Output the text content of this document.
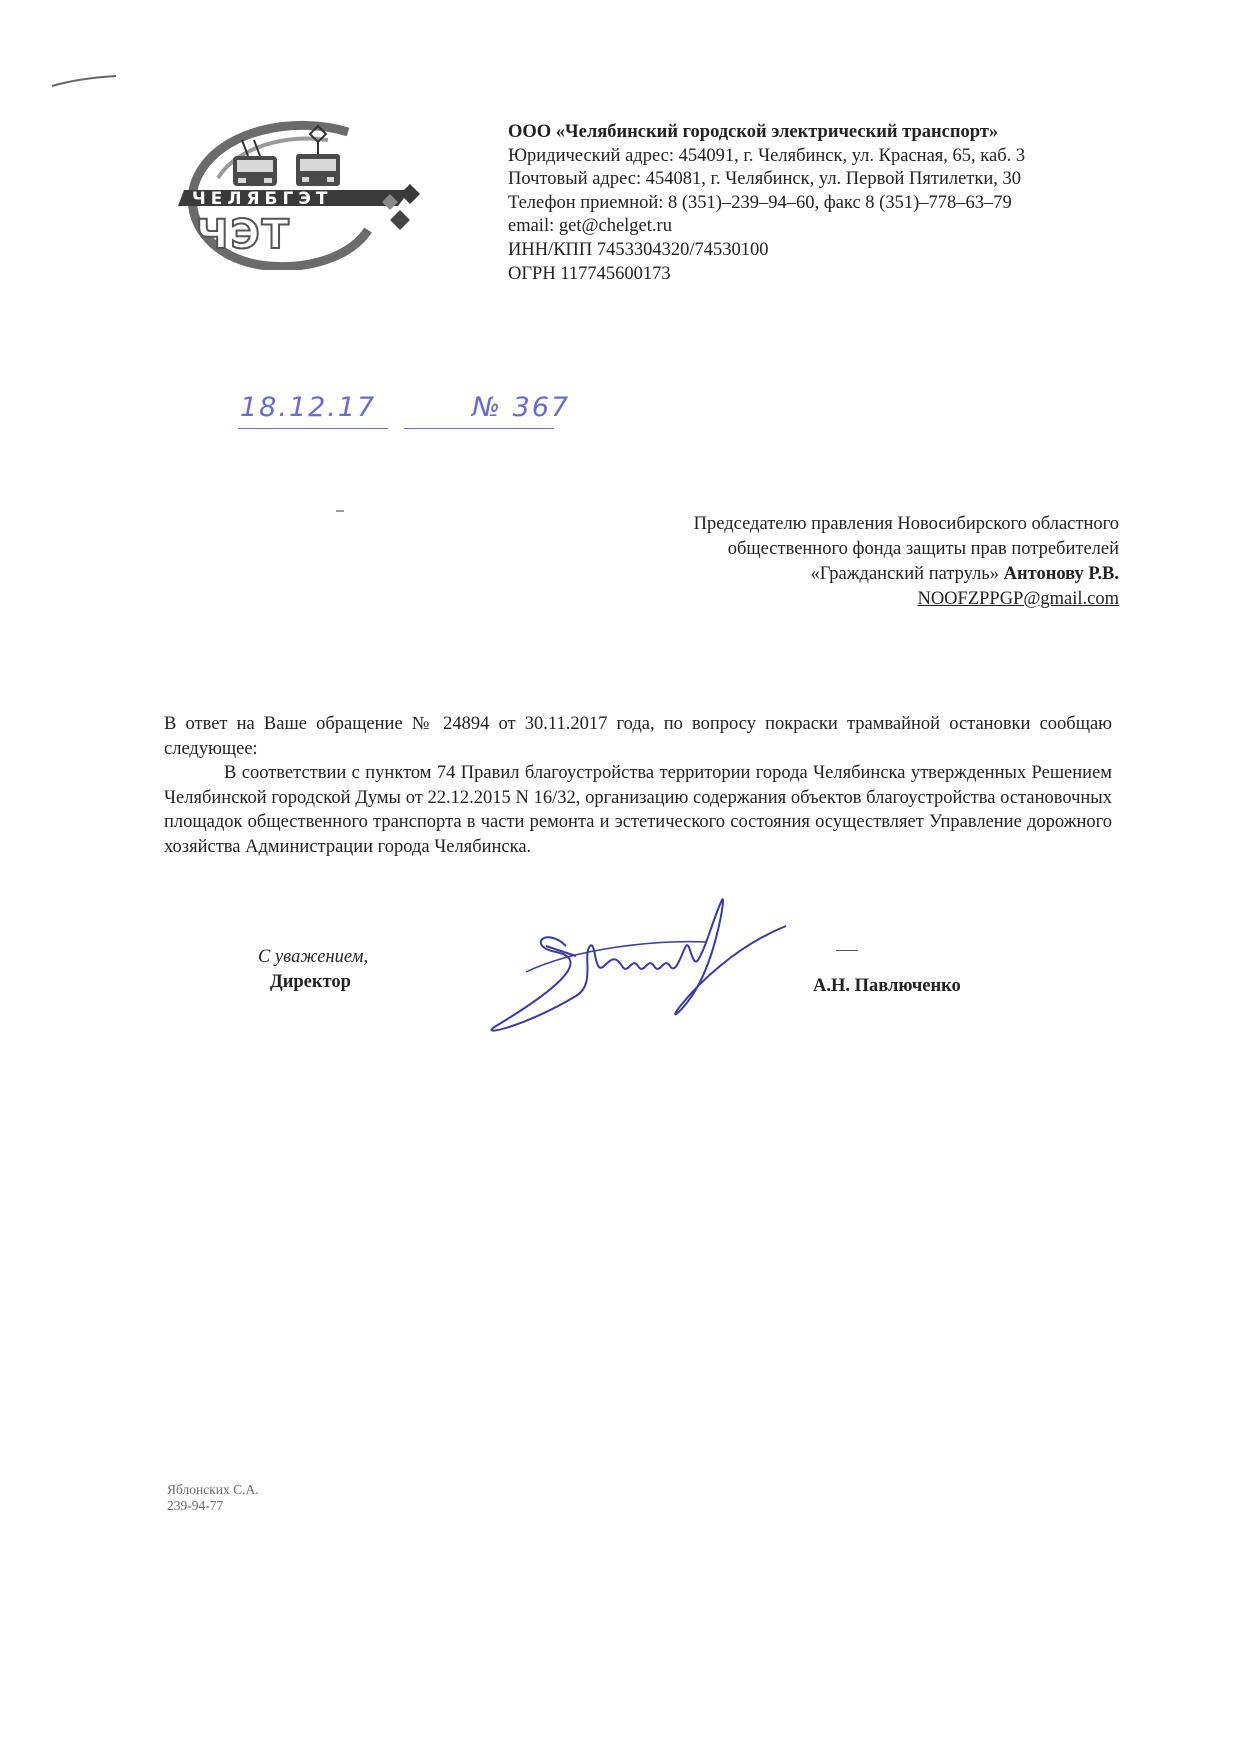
ЧЕЛЯБГЭТ
ЧЭТ
ООО «Челябинский городской электрический транспорт»
Юридический адрес: 454091, г. Челябинск, ул. Красная, 65, каб. 3
Почтовый адрес: 454081, г. Челябинск, ул. Первой Пятилетки, 30
Телефон приемной: 8 (351)–239–94–60, факс 8 (351)–778–63–79
email: get@chelget.ru
ИНН/КПП 7453304320/74530100
ОГРН 117745600173
18.12.17	№ 367
Председателю правления Новосибирского областного
общественного фонда защиты прав потребителей
«Гражданский патруль» Антонову Р.В.
NOOFZPPGP@gmail.com

В ответ на Ваше обращение № 24894 от 30.11.2017 года, по вопросу покраски трамвайной остановки сообщаю следующее:

В соответствии с пунктом 74 Правил благоустройства территории города Челябинска утвержденных Решением Челябинской городской Думы от 22.12.2015 N 16/32, организацию содержания объектов благоустройства остановочных площадок общественного транспорта в части ремонта и эстетического состояния осуществляет Управление дорожного хозяйства Администрации города Челябинска.

С уважением,
Директор	А.Н. Павлюченко
Яблонских С.А.
239-94-77
